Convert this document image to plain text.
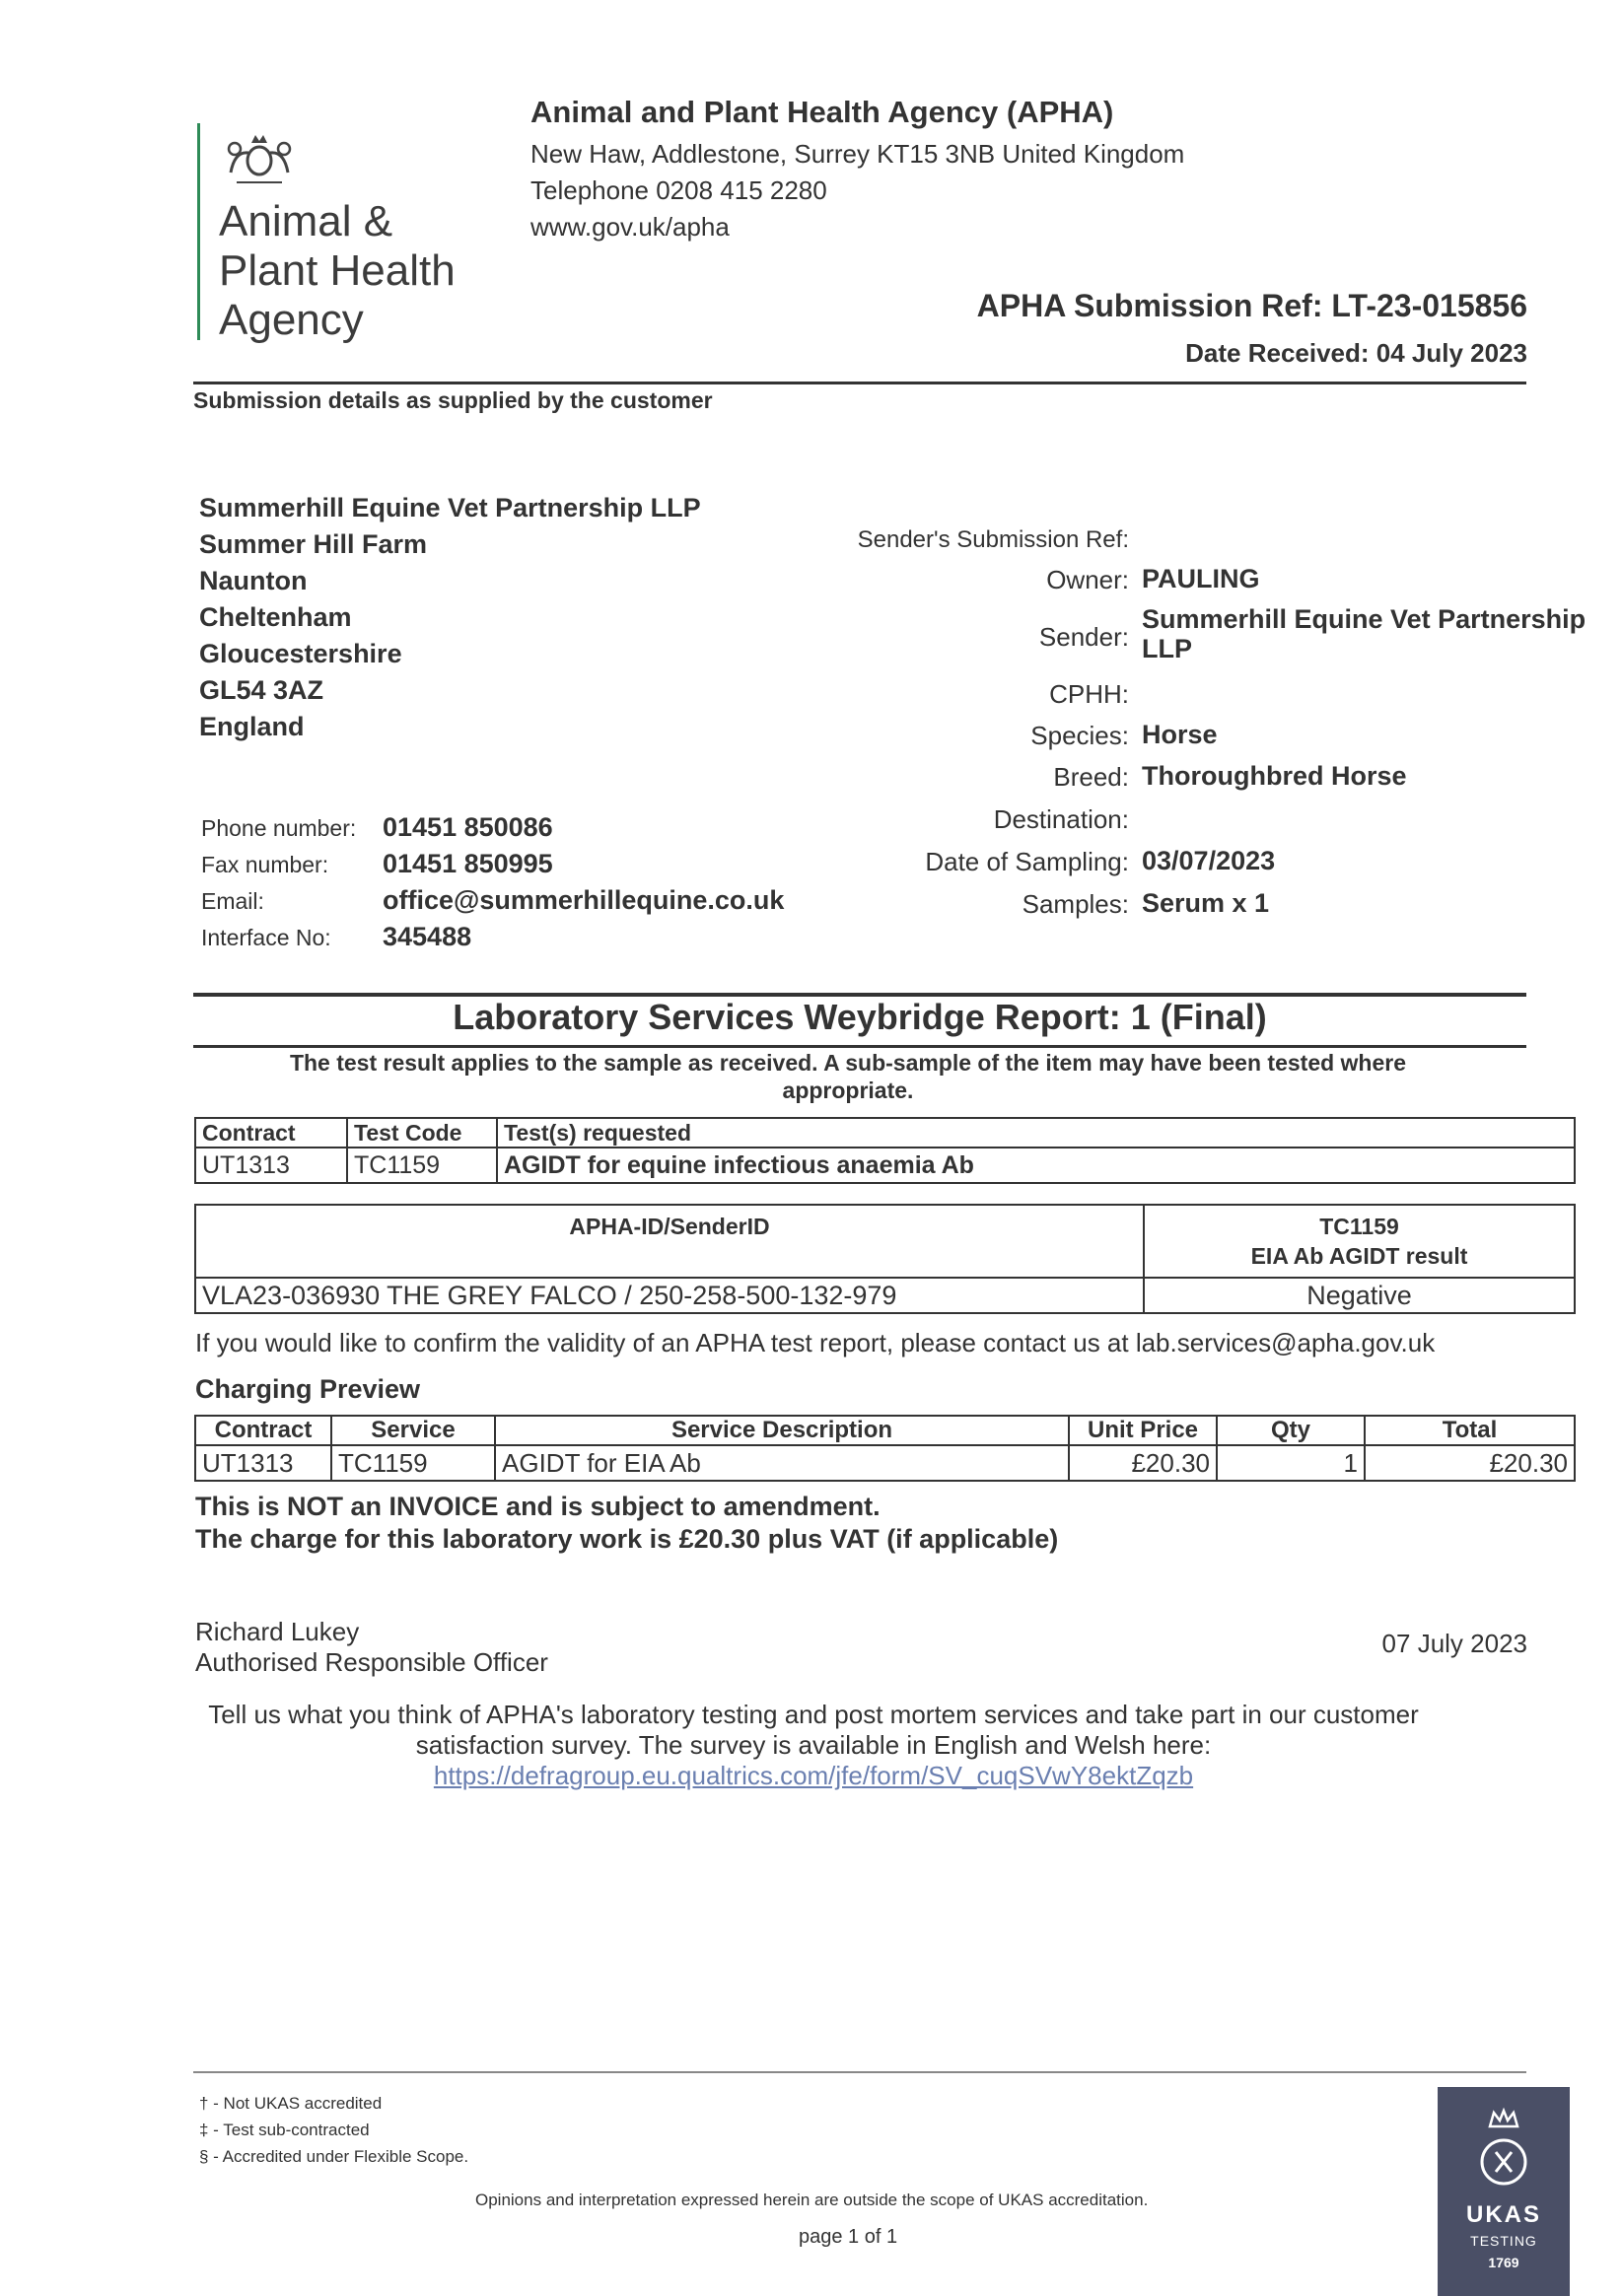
Animal &
Plant Health
Agency
Animal and Plant Health Agency (APHA)
New Haw, Addlestone, Surrey KT15 3NB United Kingdom
Telephone 0208 415 2280
www.gov.uk/apha
APHA Submission Ref: LT-23-015856
Date Received: 04 July 2023
Submission details as supplied by the customer
Summerhill Equine Vet Partnership LLP
Summer Hill Farm
Naunton
Cheltenham
Gloucestershire
GL54 3AZ
England
Phone number: 01451 850086
Fax number: 01451 850995
Email:	office@summerhillequine.co.uk
Interface No: 345488
Sender's Submission Ref:
Owner: PAULING
Sender:
Summerhill Equine Vet Partnership
LLP
CPHH:
Species: Horse
Breed: Thoroughbred Horse
Destination:
Date of Sampling: 03/07/2023
Samples: Serum x 1
Laboratory Services Weybridge Report: 1 (Final)
The test result applies to the sample as received. A sub-sample of the item may have been tested where appropriate.
Contract	Test Code	Test(s) requested
UT1313	TC1159	AGIDT for equine infectious anaemia Ab
APHA-ID/SenderID	TC1159
EIA Ab AGIDT result

VLA23-036930 THE GREY FALCO / 250-258-500-132-979	Negative
If you would like to confirm the validity of an APHA test report, please contact us at lab.services@apha.gov.uk
Charging Preview
Contract	Service	Service Description	Unit Price	Qty	Total
UT1313	TC1159	AGIDT for EIA Ab	£20.30	1	£20.30
This is NOT an INVOICE and is subject to amendment.
The charge for this laboratory work is £20.30 plus VAT (if applicable)
Richard Lukey
Authorised Responsible Officer
07 July 2023
Tell us what you think of APHA's laboratory testing and post mortem services and take part in our customer satisfaction survey. The survey is available in English and Welsh here:
https://defragroup.eu.qualtrics.com/jfe/form/SV_cuqSVwY8ektZqzb
† - Not UKAS accredited
‡ - Test sub-contracted
§ - Accredited under Flexible Scope.
Opinions and interpretation expressed herein are outside the scope of UKAS accreditation.
page 1 of 1
UKAS
TESTING
1769
